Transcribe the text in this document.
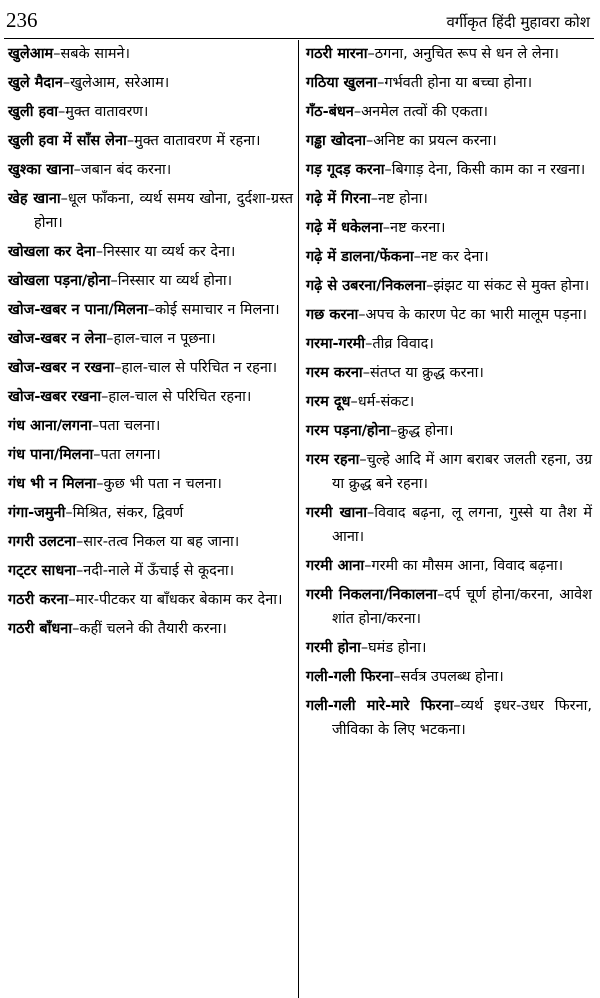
236	वर्गीकृत हिंदी मुहावरा कोश

खुलेआम–सबके सामने।

खुले मैदान–खुलेआम, सरेआम।

खुली हवा–मुक्त वातावरण।

खुली हवा में साँस लेना–मुक्त वातावरण में रहना।

खुश्का खाना–जबान बंद करना।

खेह खाना–धूल फाँकना, व्यर्थ समय खोना, दुर्दशा-ग्रस्त होना।

खोखला कर देना–निस्सार या व्यर्थ कर देना।

खोखला पड़ना/होना–निस्सार या व्यर्थ होना।

खोज-खबर न पाना/मिलना–कोई समाचार न मिलना।

खोज-खबर न लेना–हाल-चाल न पूछना।

खोज-खबर न रखना–हाल-चाल से परिचित न रहना।

खोज-खबर रखना–हाल-चाल से परिचित रहना।

गंध आना/लगना–पता चलना।

गंध पाना/मिलना–पता लगना।

गंध भी न मिलना–कुछ भी पता न चलना।

गंगा-जमुनी–मिश्रित, संकर, द्विवर्ण

गगरी उलटना–सार-तत्व निकल या बह जाना।

गट्‌टर साधना–नदी-नाले में ऊँचाई से कूदना।

गठरी करना–मार-पीटकर या बाँधकर बेकाम कर देना।

गठरी बाँधना–कहीं चलने की तैयारी करना।

गठरी मारना–ठगना, अनुचित रूप से धन ले लेना।

गठिया खुलना–गर्भवती होना या बच्चा होना।

गँठ-बंधन–अनमेल तत्वों की एकता।

गड्ढा खोदना–अनिष्ट का प्रयत्न करना।

गड़ गूदड़ करना–बिगाड़ देना, किसी काम का न रखना।

गढ़े में गिरना–नष्ट होना।

गढ़े में धकेलना–नष्ट करना।

गढ़े में डालना/फेंकना–नष्ट कर देना।

गढ़े से उबरना/निकलना–झंझट या संकट से मुक्त होना।

गछ करना–अपच के कारण पेट का भारी मालूम पड़ना।

गरमा-गरमी–तीव्र विवाद।

गरम करना–संतप्त या क्रुद्ध करना।

गरम दूध–धर्म-संकट।

गरम पड़ना/होना–क्रुद्ध होना।

गरम रहना–चुल्हे आदि में आग बराबर जलती रहना, उग्र या क्रुद्ध बने रहना।

गरमी खाना–विवाद बढ़ना, लू लगना, गुस्से या तैश में आना।

गरमी आना–गरमी का मौसम आना, विवाद बढ़ना।

गरमी निकलना/निकालना–दर्प चूर्ण होना/करना, आवेश शांत होना/करना।

गरमी होना–घमंड होना।

गली-गली फिरना–सर्वत्र उपलब्ध होना।

गली-गली मारे-मारे फिरना–व्यर्थ इधर-उधर फिरना, जीविका के लिए भटकना।
